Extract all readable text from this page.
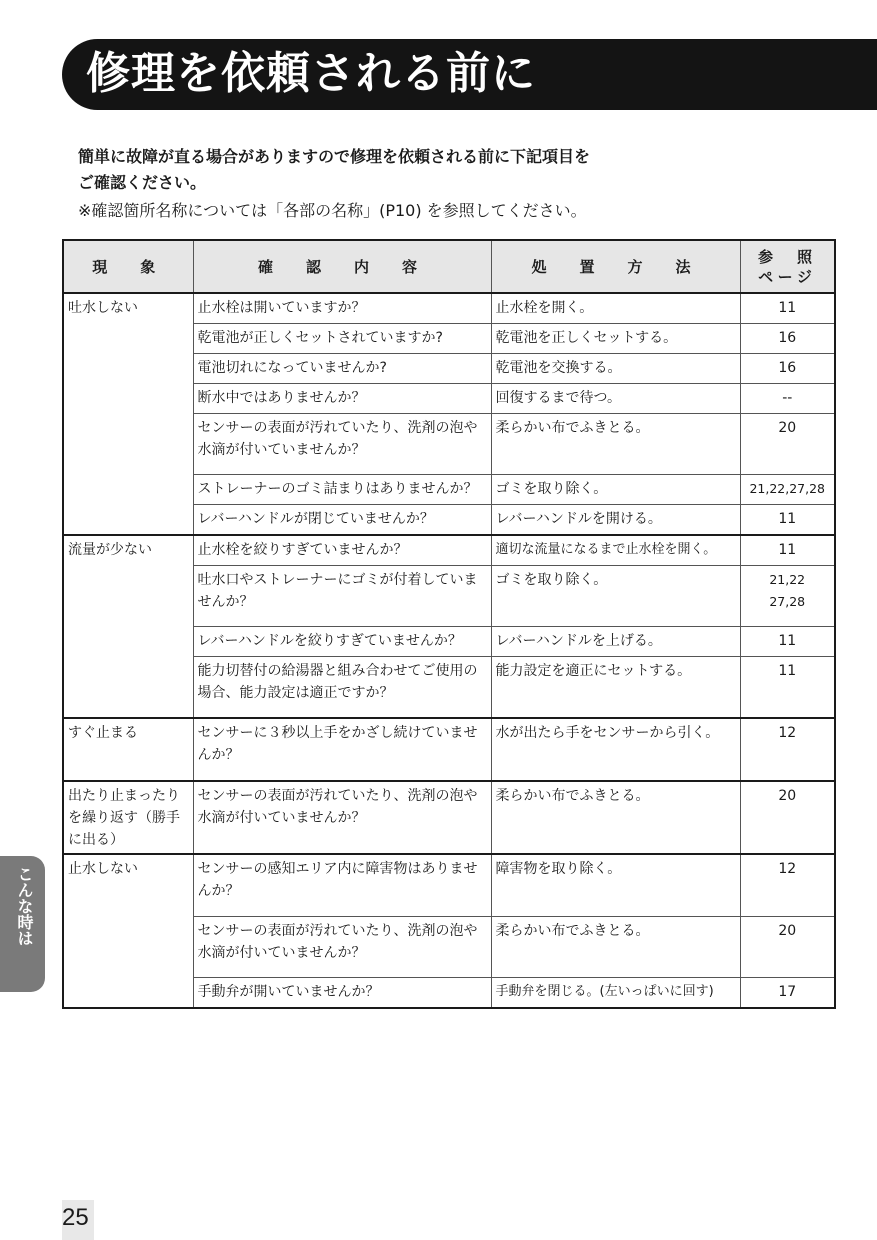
修理を依頼される前に
簡単に故障が直る場合がありますので修理を依頼される前に下記項目を
ご確認ください。
※確認箇所名称については「各部の名称」(P10) を参照してください。
現　象	確　認　内　容	処　置　方　法	参　照
ページ
吐水しない	止水栓は開いていますか？	止水栓を開く。	11
	乾電池が正しくセットされていますか?	乾電池を正しくセットする。	16
	電池切れになっていませんか?	乾電池を交換する。	16
	断水中ではありませんか？	回復するまで待つ。	--
	センサーの表面が汚れていたり、洗剤の泡や水滴が付いていませんか？	柔らかい布でふきとる。	20
	ストレーナーのゴミ詰まりはありませんか？	ゴミを取り除く。	21,22,27,28
	レバーハンドルが閉じていませんか？	レバーハンドルを開ける。	11
流量が少ない	止水栓を絞りすぎていませんか？	適切な流量になるまで止水栓を開く。	11
	吐水口やストレーナーにゴミが付着していませんか？	ゴミを取り除く。	21,22
27,28
	レバーハンドルを絞りすぎていませんか？	レバーハンドルを上げる。	11
	能力切替付の給湯器と組み合わせてご使用の場合、能力設定は適正ですか？	能力設定を適正にセットする。	11
すぐ止まる	センサーに３秒以上手をかざし続けていませんか？	水が出たら手をセンサーから引く。	12
出たり止まったりを繰り返す（勝手に出る）	センサーの表面が汚れていたり、洗剤の泡や水滴が付いていませんか？	柔らかい布でふきとる。	20
止水しない	センサーの感知エリア内に障害物はありませんか？	障害物を取り除く。	12
	センサーの表面が汚れていたり、洗剤の泡や水滴が付いていませんか？	柔らかい布でふきとる。	20
	手動弁が開いていませんか？	手動弁を閉じる。(左いっぱいに回す)	17
こんな時は
25
